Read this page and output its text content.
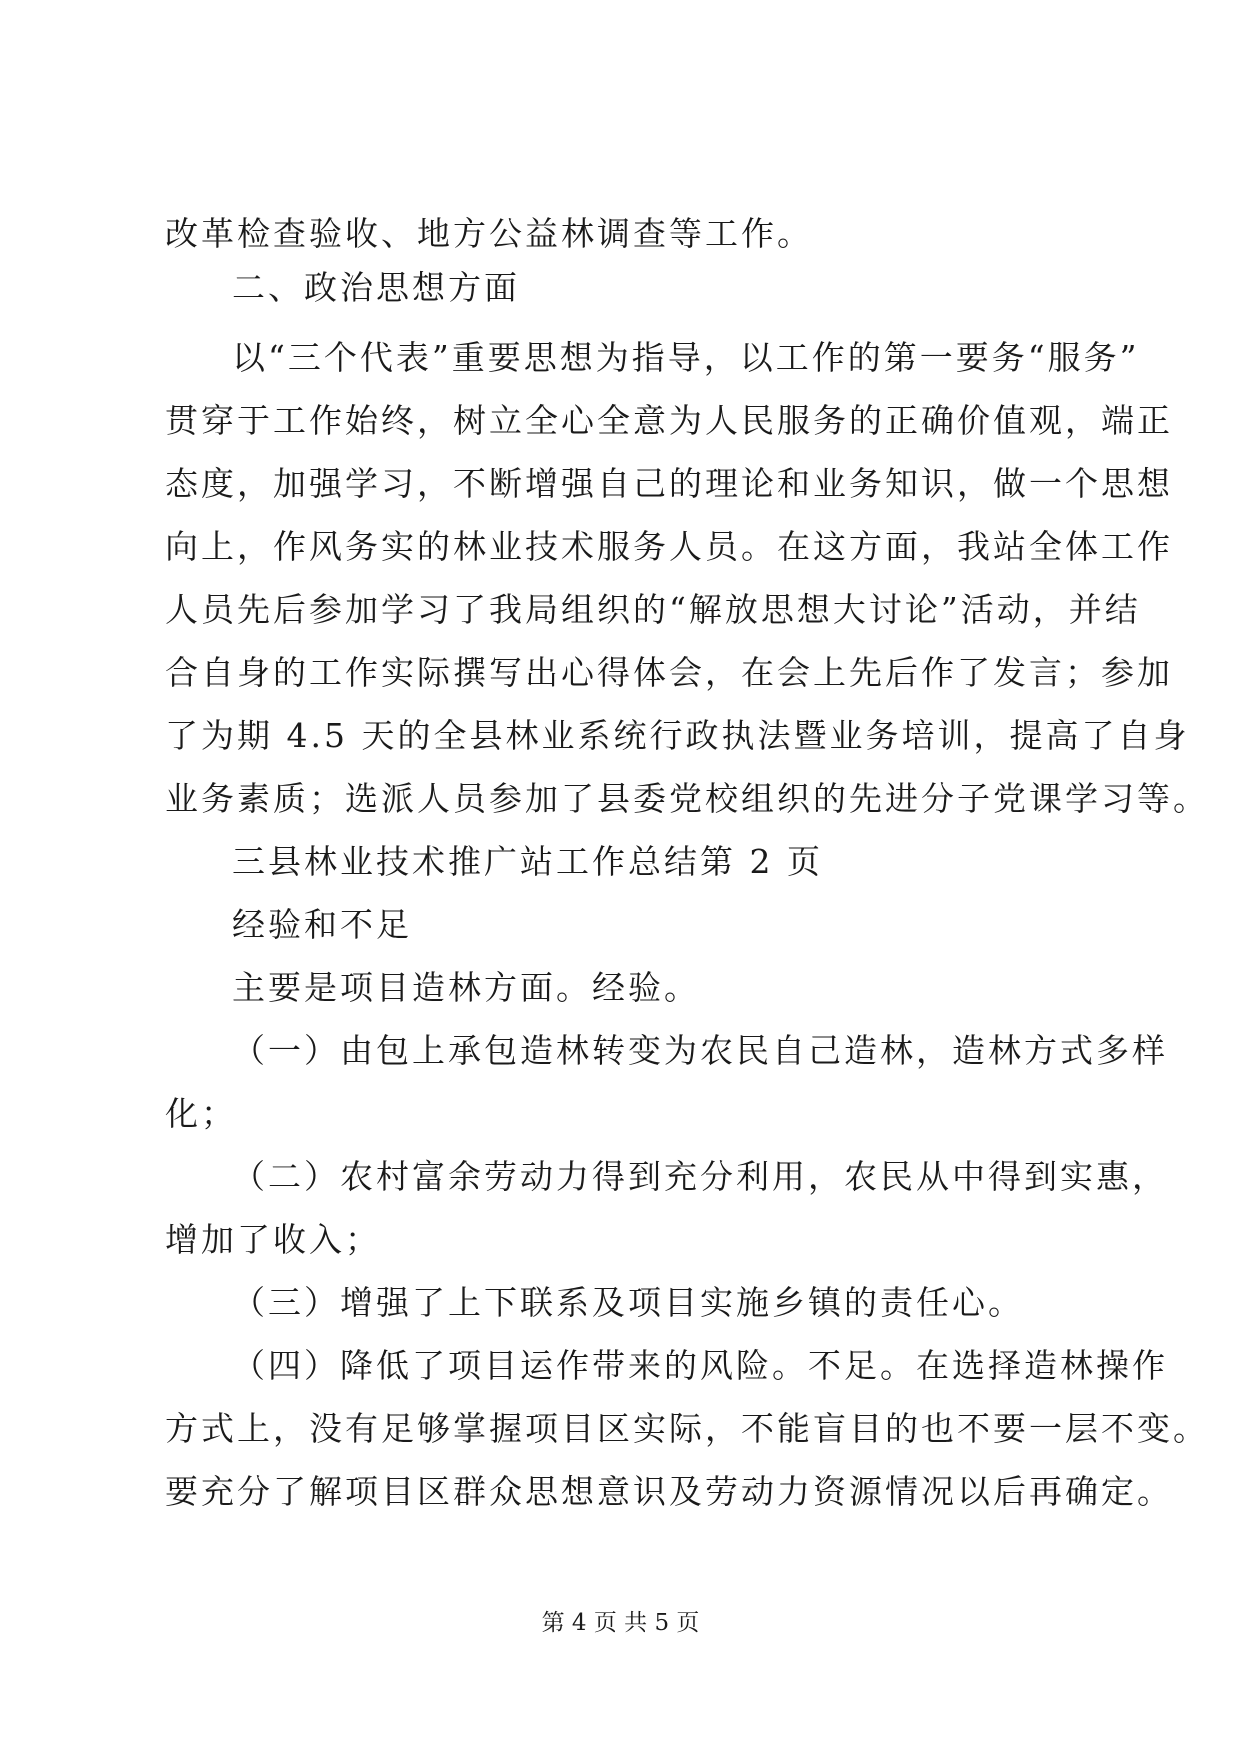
改革检查验收、地方公益林调查等工作。
二、政治思想方面
以“三个代表”重要思想为指导，以工作的第一要务“服务”
贯穿于工作始终，树立全心全意为人民服务的正确价值观，端正
态度，加强学习，不断增强自己的理论和业务知识，做一个思想
向上，作风务实的林业技术服务人员。在这方面，我站全体工作
人员先后参加学习了我局组织的“解放思想大讨论”活动，并结
合自身的工作实际撰写出心得体会，在会上先后作了发言；参加
了为期 4.5 天的全县林业系统行政执法暨业务培训，提高了自身
业务素质；选派人员参加了县委党校组织的先进分子党课学习等。
三县林业技术推广站工作总结第 2 页
经验和不足
主要是项目造林方面。经验。
（一）由包上承包造林转变为农民自己造林，造林方式多样
化；
（二）农村富余劳动力得到充分利用，农民从中得到实惠，
增加了收入；
（三）增强了上下联系及项目实施乡镇的责任心。
（四）降低了项目运作带来的风险。不足。在选择造林操作
方式上，没有足够掌握项目区实际，不能盲目的也不要一层不变。
要充分了解项目区群众思想意识及劳动力资源情况以后再确定。
第 4 页 共 5 页
